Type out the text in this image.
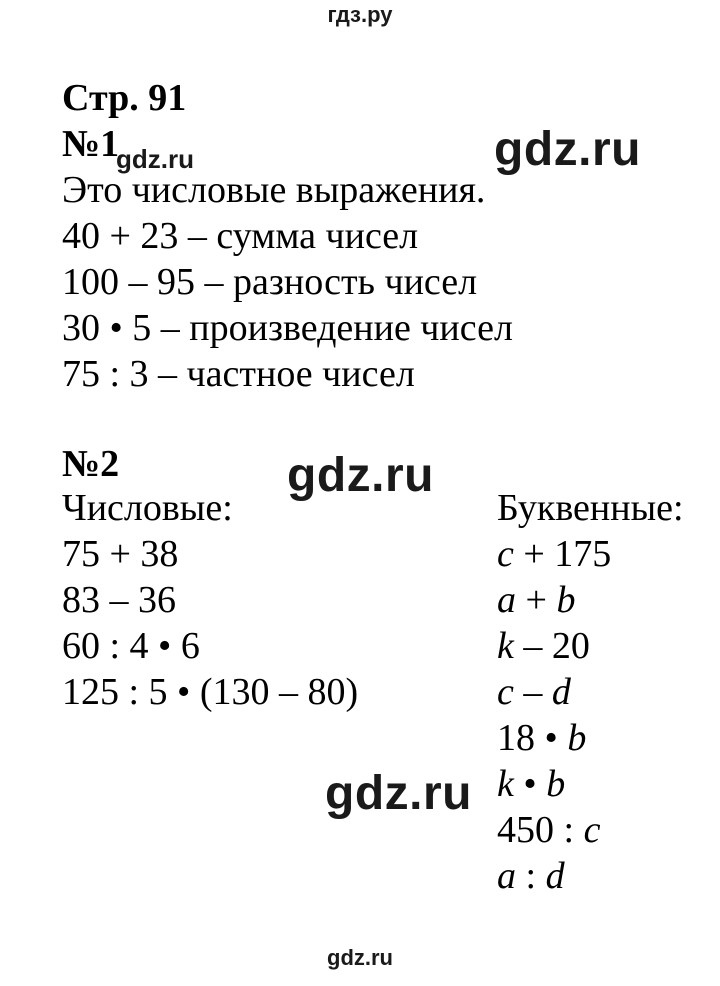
гдз.ру
Стр. 91
№1
Это числовые выражения.
40 + 23 – сумма чисел
100 – 95 – разность чисел
30 • 5 – произведение чисел
75 : 3 – частное чисел
№2
Числовые:
75 + 38
83 – 36
60 : 4 • 6
125 : 5 • (130 – 80)
Буквенные:
c + 175
a + b
k – 20
c – d
18 • b
k • b
450 : c
a : d
gdz.ru	gdz.ru
gdz.ru
gdz.ru
gdz.ru
